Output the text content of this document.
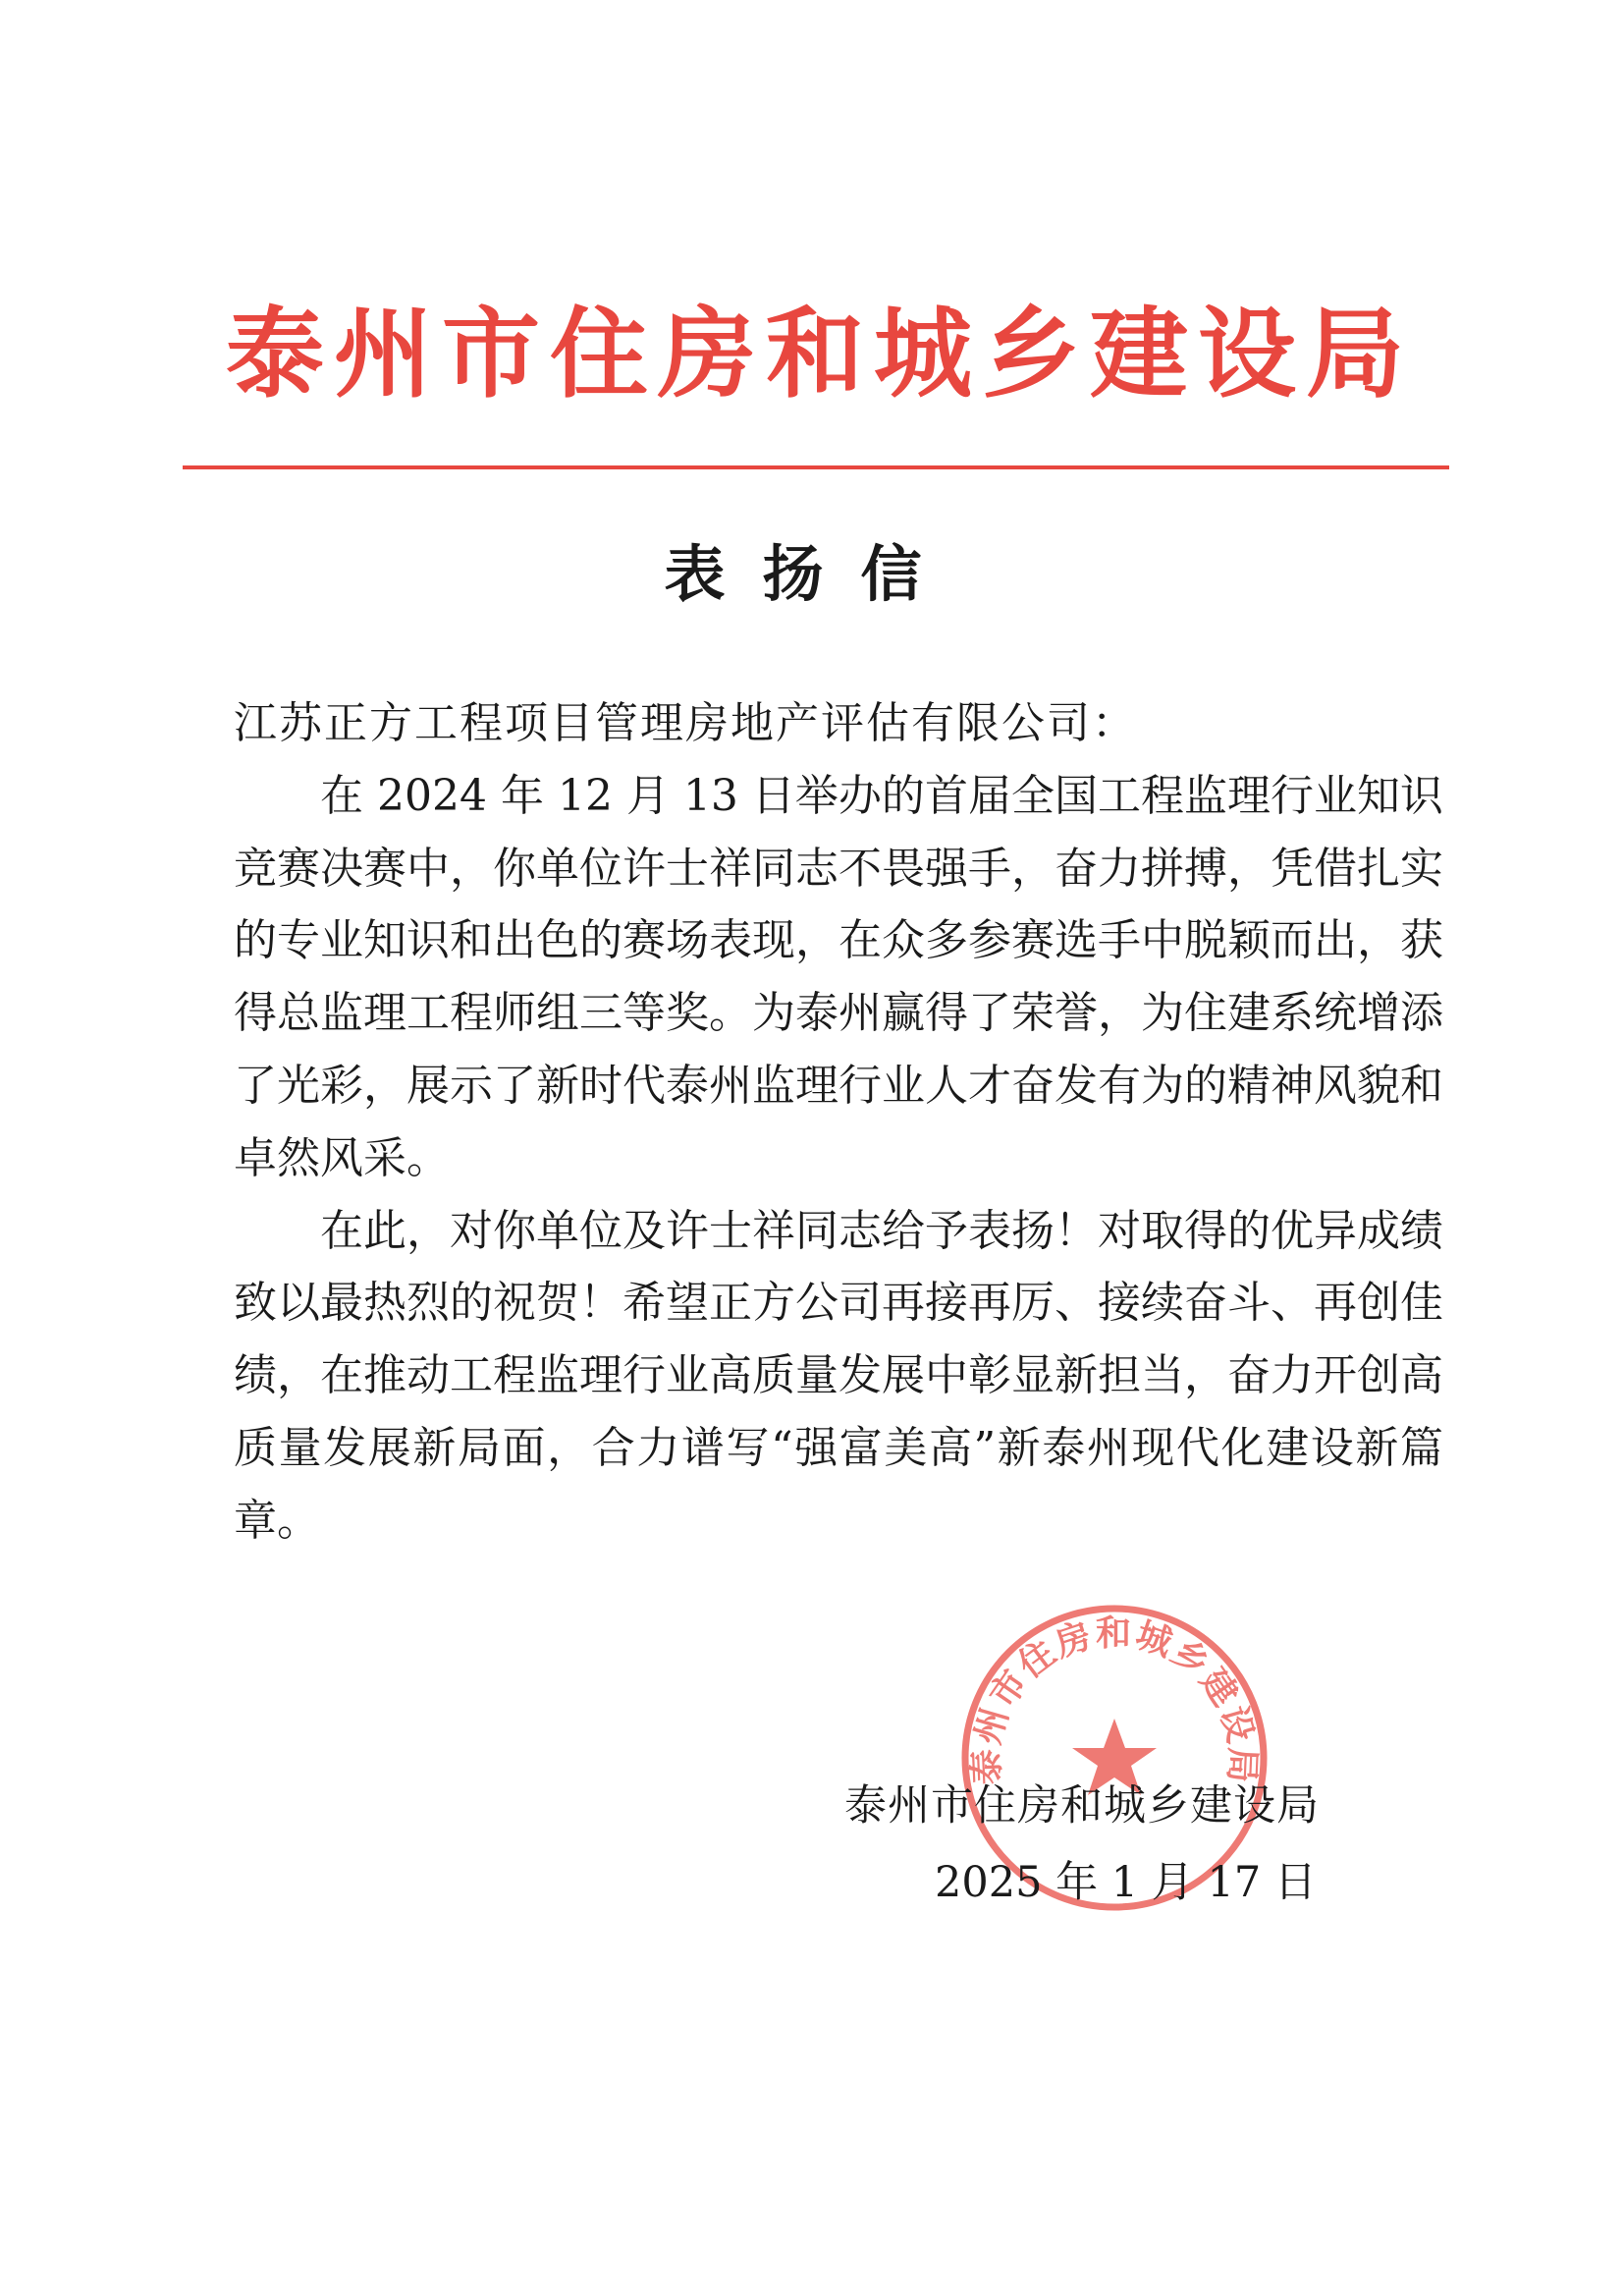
泰州市住房和城乡建设局
表扬信

江苏正方工程项目管理房地产评估有限公司：

在 2024 年 12 月 13 日举办的首届全国工程监理行业知识竞赛决赛中，你单位许士祥同志不畏强手，奋力拼搏，凭借扎实的专业知识和出色的赛场表现，在众多参赛选手中脱颖而出，获得总监理工程师组三等奖。为泰州赢得了荣誉，为住建系统增添了光彩，展示了新时代泰州监理行业人才奋发有为的精神风貌和卓然风采。

在此，对你单位及许士祥同志给予表扬！对取得的优异成绩致以最热烈的祝贺！希望正方公司再接再厉、接续奋斗、再创佳绩，在推动工程监理行业高质量发展中彰显新担当，奋力开创高质量发展新局面，合力谱写“强富美高”新泰州现代化建设新篇章。

泰州市住房和城乡建设局
泰州市住房和城乡建设局
2025 年 1 月 17 日
